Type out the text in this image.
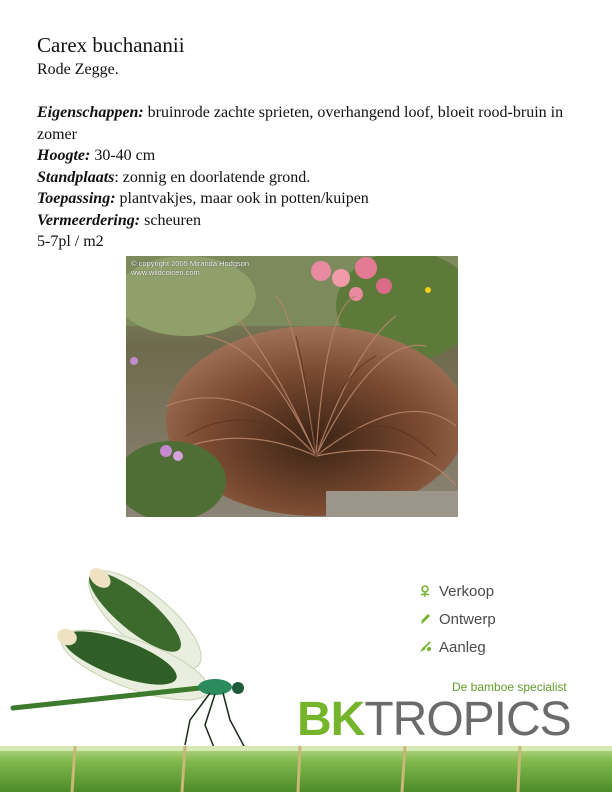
Carex buchananii
Rode Zegge.

Eigenschappen: bruinrode zachte sprieten, overhangend loof, bloeit rood-bruin in zomer

Hoogte: 30-40 cm

Standplaats: zonnig en doorlatende grond.

Toepassing: plantvakjes, maar ook in potten/kuipen

Vermeerdering: scheuren

5-7pl / m2

© copyright 2005 Miranda Hodgson
www.wildcoicen.com
Verkoop
Ontwerp
Aanleg
De bamboe specialist
BKTROPICS
